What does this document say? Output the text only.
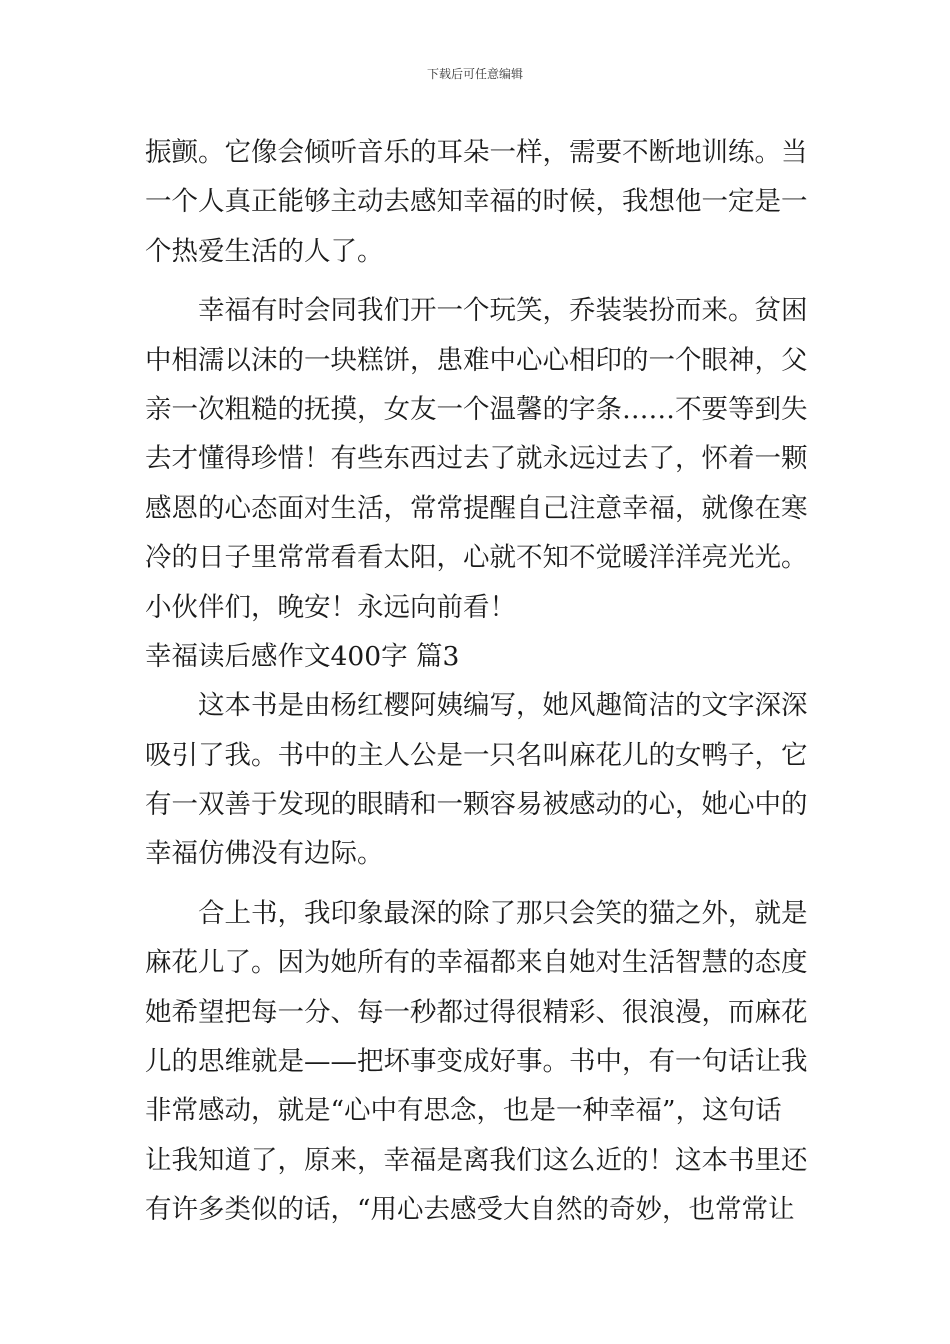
下载后可任意编辑
振颤。它像会倾听音乐的耳朵一样，需要不断地训练。当
一个人真正能够主动去感知幸福的时候，我想他一定是一
个热爱生活的人了。
幸福有时会同我们开一个玩笑，乔装装扮而来。贫困
中相濡以沫的一块糕饼，患难中心心相印的一个眼神，父
亲一次粗糙的抚摸，女友一个温馨的字条……不要等到失
去才懂得珍惜！有些东西过去了就永远过去了，怀着一颗
感恩的心态面对生活，常常提醒自己注意幸福，就像在寒
冷的日子里常常看看太阳，心就不知不觉暖洋洋亮光光。
小伙伴们，晚安！永远向前看！
幸福读后感作文400字 篇3
这本书是由杨红樱阿姨编写，她风趣简洁的文字深深
吸引了我。书中的主人公是一只名叫麻花儿的女鸭子，它
有一双善于发现的眼睛和一颗容易被感动的心，她心中的
幸福仿佛没有边际。
合上书，我印象最深的除了那只会笑的猫之外，就是
麻花儿了。因为她所有的幸福都来自她对生活智慧的态度
她希望把每一分、每一秒都过得很精彩、很浪漫，而麻花
儿的思维就是——把坏事变成好事。书中，有一句话让我
非常感动，就是“心中有思念，也是一种幸福”，这句话
让我知道了，原来，幸福是离我们这么近的！这本书里还
有许多类似的话，“用心去感受大自然的奇妙，也常常让
